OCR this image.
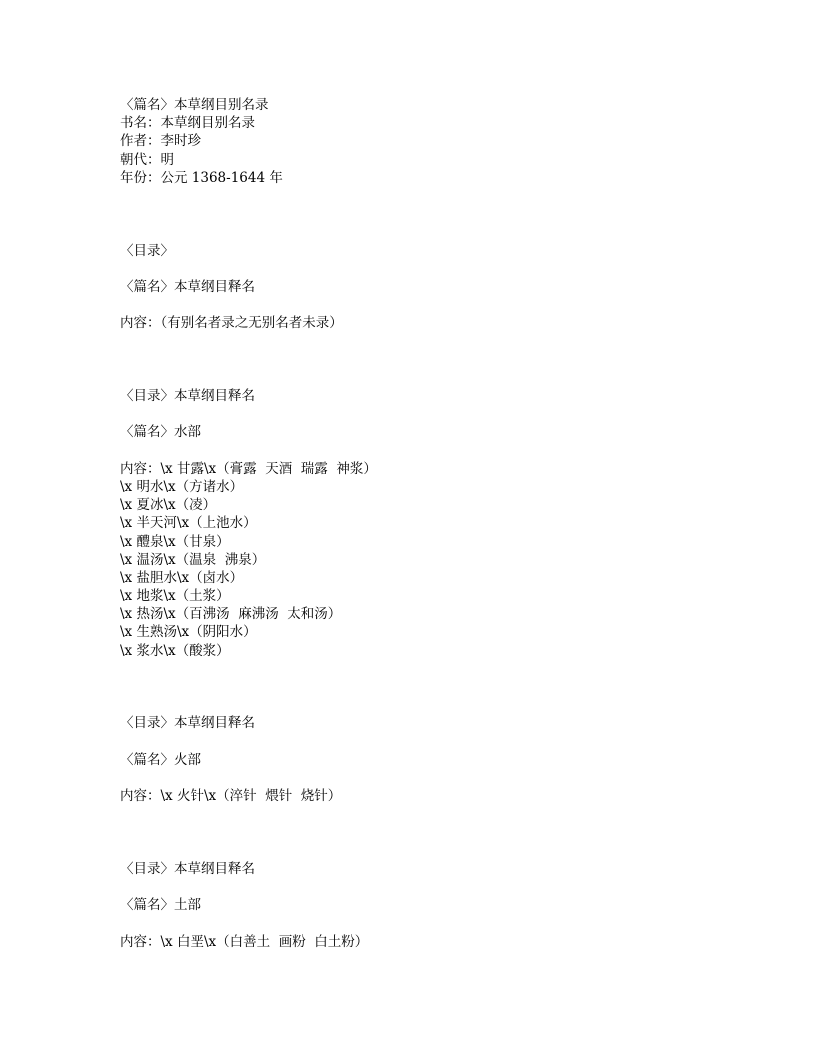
〈篇名〉本草纲目别名录
书名：本草纲目别名录
作者：李时珍
朝代：明
年份：公元 1368-1644 年
〈目录〉
〈篇名〉本草纲目释名
内容：（有别名者录之无别名者未录）
〈目录〉本草纲目释名
〈篇名〉水部
内容：\x 甘露\x（膏露  天酒  瑞露  神浆）
\x 明水\x（方诸水）
\x 夏冰\x（凌）
\x 半天河\x（上池水）
\x 醴泉\x（甘泉）
\x 温汤\x（温泉  沸泉）
\x 盐胆水\x（卤水）
\x 地浆\x（土浆）
\x 热汤\x（百沸汤  麻沸汤  太和汤）
\x 生熟汤\x（阴阳水）
\x 浆水\x（酸浆）
〈目录〉本草纲目释名
〈篇名〉火部
内容：\x 火针\x（淬针  煨针  烧针）
〈目录〉本草纲目释名
〈篇名〉土部
内容：\x 白垩\x（白善土  画粉  白土粉）
